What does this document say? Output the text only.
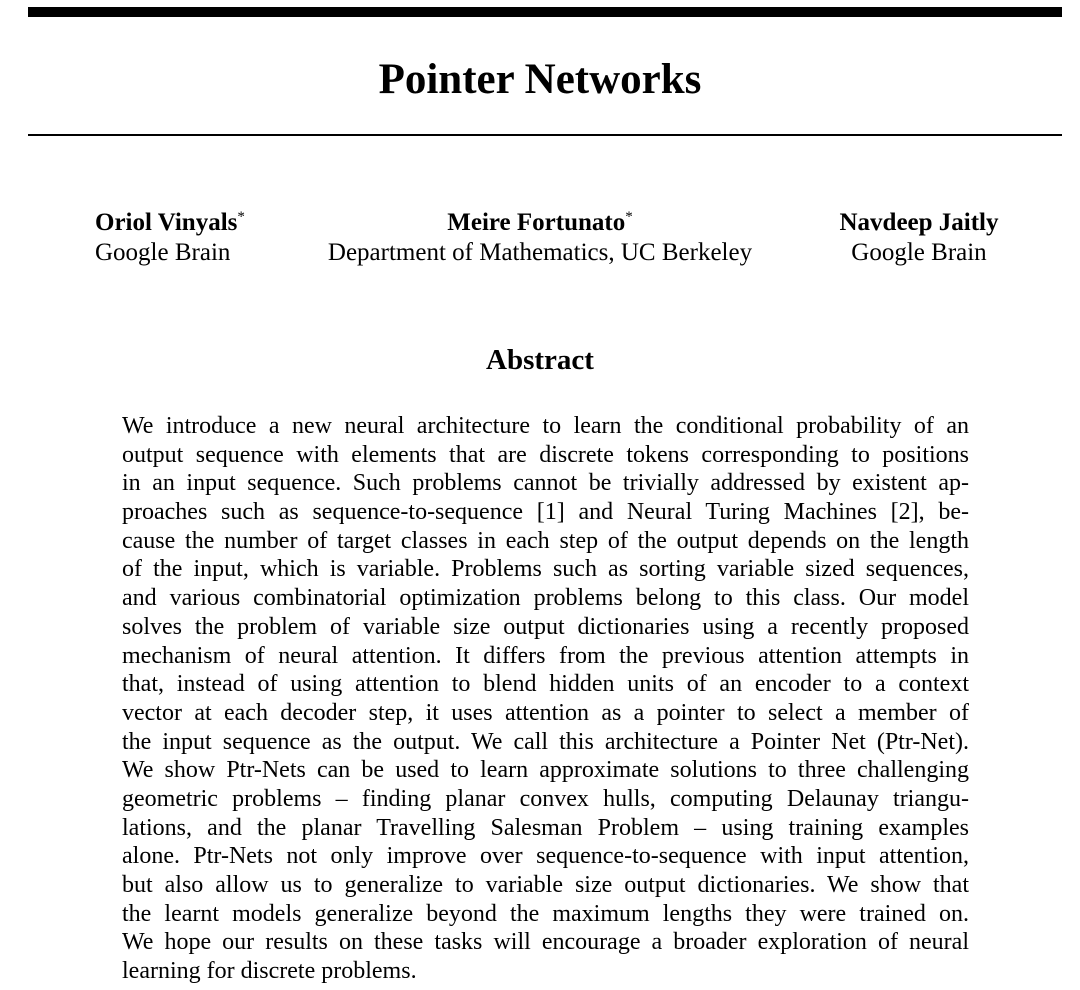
Pointer Networks
Oriol Vinyals*
Google Brain
Meire Fortunato*
Department of Mathematics, UC Berkeley
Navdeep Jaitly
Google Brain
Abstract
We introduce a new neural architecture to learn the conditional probability of an
output sequence with elements that are discrete tokens corresponding to positions
in an input sequence. Such problems cannot be trivially addressed by existent ap-
proaches such as sequence-to-sequence [1] and Neural Turing Machines [2], be-
cause the number of target classes in each step of the output depends on the length
of the input, which is variable. Problems such as sorting variable sized sequences,
and various combinatorial optimization problems belong to this class. Our model
solves the problem of variable size output dictionaries using a recently proposed
mechanism of neural attention. It differs from the previous attention attempts in
that, instead of using attention to blend hidden units of an encoder to a context
vector at each decoder step, it uses attention as a pointer to select a member of
the input sequence as the output. We call this architecture a Pointer Net (Ptr-Net).
We show Ptr-Nets can be used to learn approximate solutions to three challenging
geometric problems – finding planar convex hulls, computing Delaunay triangu-
lations, and the planar Travelling Salesman Problem – using training examples
alone. Ptr-Nets not only improve over sequence-to-sequence with input attention,
but also allow us to generalize to variable size output dictionaries. We show that
the learnt models generalize beyond the maximum lengths they were trained on.
We hope our results on these tasks will encourage a broader exploration of neural
learning for discrete problems.
